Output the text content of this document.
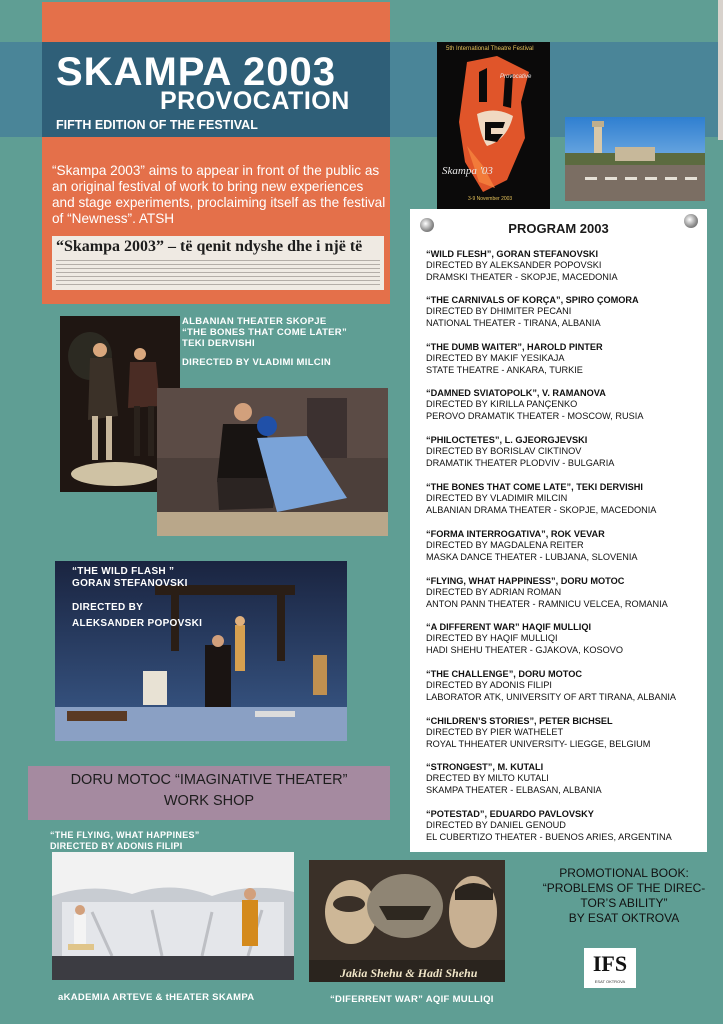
SKAMPA 2003
PROVOCATION
FIFTH EDITION OF THE FESTIVAL
“Skampa 2003” aims to appear in front of the public as an original festival of work to bring new experiences and stage experiments, proclaiming itself as the festival of “Newness”. ATSH
“Skampa 2003” – të qenit ndyshe dhe i një të
5th International Theatre Festival
Provocative
Skampa '03
3-9 November 2003
PROGRAM 2003
“WILD FLESH”, GORAN STEFANOVSKI
DIRECTED BY ALEKSANDER POPOVSKI
DRAMSKI THEATER - SKOPJE, MACEDONIA
“THE CARNIVALS OF KORÇA”, SPIRO ÇOMORA
DIRECTED BY DHIMITER PECANI
NATIONAL THEATER - TIRANA, ALBANIA
“THE DUMB WAITER”, HAROLD PINTER
DIRECTED BY MAKIF YESIKAJA
STATE THEATRE - ANKARA, TURKIE
“DAMNED SVIATOPOLK”, V. RAMANOVA
DIRECTED BY KIRILLA PANÇENKO
PEROVO DRAMATIK THEATER - MOSCOW, RUSIA
“PHILOCTETES”, L. GJEORGJEVSKI
DIRECTED BY BORISLAV CIKTINOV
DRAMATIK THEATER PLODVIV - BULGARIA
“THE BONES THAT COME LATE”, TEKI DERVISHI
DIRECTED BY VLADIMIR MILCIN
ALBANIAN DRAMA THEATER - SKOPJE, MACEDONIA
“FORMA INTERROGATIVA”, ROK VEVAR
DIRECTED BY MAGDALENA REITER
MASKA DANCE THEATER - LUBJANA, SLOVENIA
“FLYING, WHAT HAPPINESS”, DORU MOTOC
DIRECTED BY ADRIAN ROMAN
ANTON PANN THEATER - RAMNICU VELCEA, ROMANIA
“A DIFFERENT WAR” HAQIF MULLIQI
DIRECTED BY HAQIF MULLIQI
HADI SHEHU THEATER - GJAKOVA, KOSOVO
“THE CHALLENGE”, DORU MOTOC
DIRECTED BY ADONIS FILIPI
LABORATOR ATK, UNIVERSITY OF ART TIRANA, ALBANIA
“CHILDREN’S STORIES”, PETER BICHSEL
DIRECTED BY PIER WATHELET
ROYAL THHEATER UNIVERSITY- LIEGGE, BELGIUM
“STRONGEST”, M. KUTALI
DRECTED BY MILTO KUTALI
SKAMPA THEATER - ELBASAN, ALBANIA
“POTESTAD”, EDUARDO PAVLOVSKY
DIRECTED BY DANIEL GENOUD
EL CUBERTIZO THEATER - BUENOS ARIES, ARGENTINA
ALBANIAN THEATER SKOPJE
“THE BONES THAT COME LATER”
TEKI DERVISHI
DIRECTED BY VLADIMI MILCIN
“THE WILD FLASH ”
GORAN STEFANOVSKI
DIRECTED BY
ALEKSANDER POPOVSKI
DORU MOTOC “IMAGINATIVE THEATER”
WORK SHOP
“THE FLYING, WHAT HAPPINES”
DIRECTED BY ADONIS FILIPI
aKADEMIA ARTEVE & tHEATER SKAMPA
Jakia Shehu & Hadi Shehu
“DIFERRENT WAR” AQIF MULLIQI
PROMOTIONAL BOOK:
“PROBLEMS OF THE DIREC-
TOR’S ABILITY”
BY ESAT OKTROVA
IFS
ESAT OKTROVA
